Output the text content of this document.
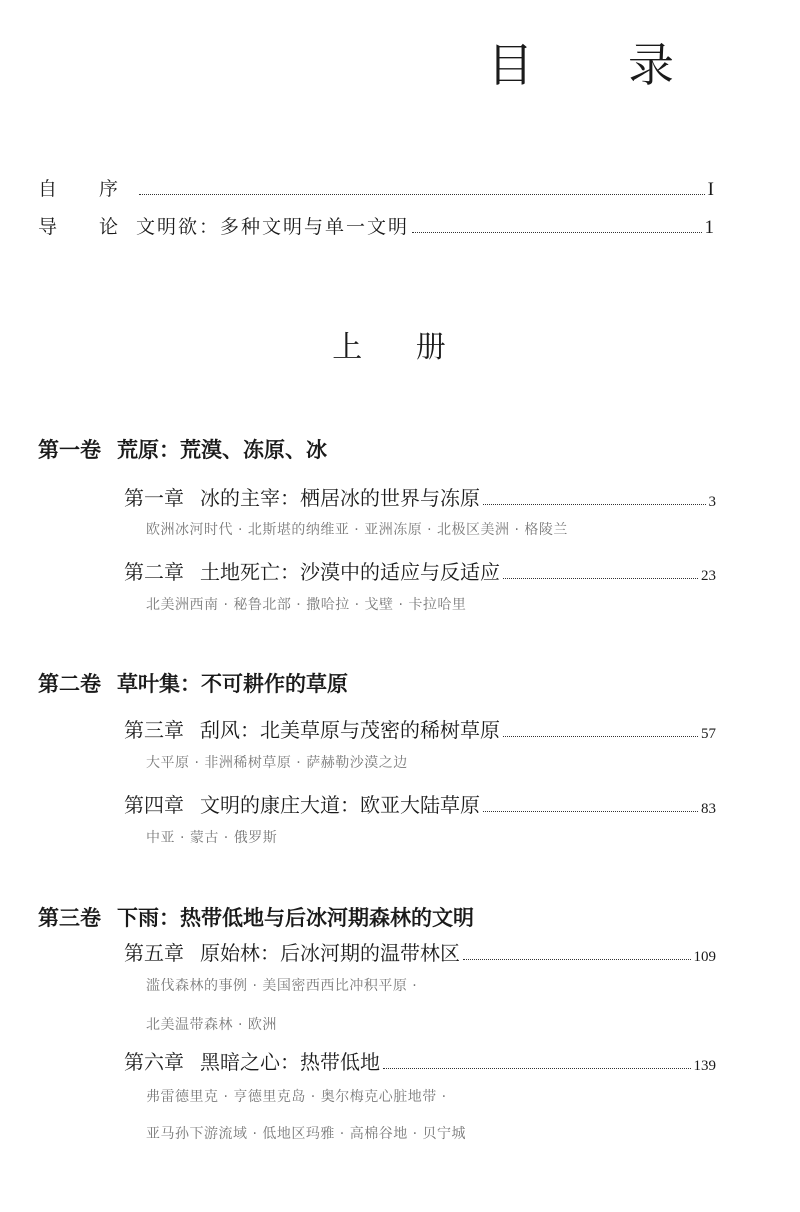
目 录
自 序	I
导 论 文明欲：多种文明与单一文明	1
上 册
第一卷 荒原：荒漠、冻原、冰
第一章 冰的主宰：栖居冰的世界与冻原	3
欧洲冰河时代 · 北斯堪的纳维亚 · 亚洲冻原 · 北极区美洲 · 格陵兰
第二章 土地死亡：沙漠中的适应与反适应	23
北美洲西南 · 秘鲁北部 · 撒哈拉 · 戈壁 · 卡拉哈里
第二卷 草叶集：不可耕作的草原
第三章 刮风：北美草原与茂密的稀树草原	57
大平原 · 非洲稀树草原 · 萨赫勒沙漠之边
第四章 文明的康庄大道：欧亚大陆草原	83
中亚 · 蒙古 · 俄罗斯
第三卷 下雨：热带低地与后冰河期森林的文明
第五章 原始林：后冰河期的温带林区	109
滥伐森林的事例 · 美国密西西比冲积平原 ·
北美温带森林 · 欧洲
第六章 黑暗之心：热带低地	139
弗雷德里克 · 亨德里克岛 · 奥尔梅克心脏地带 ·
亚马孙下游流域 · 低地区玛雅 · 高棉谷地 · 贝宁城
